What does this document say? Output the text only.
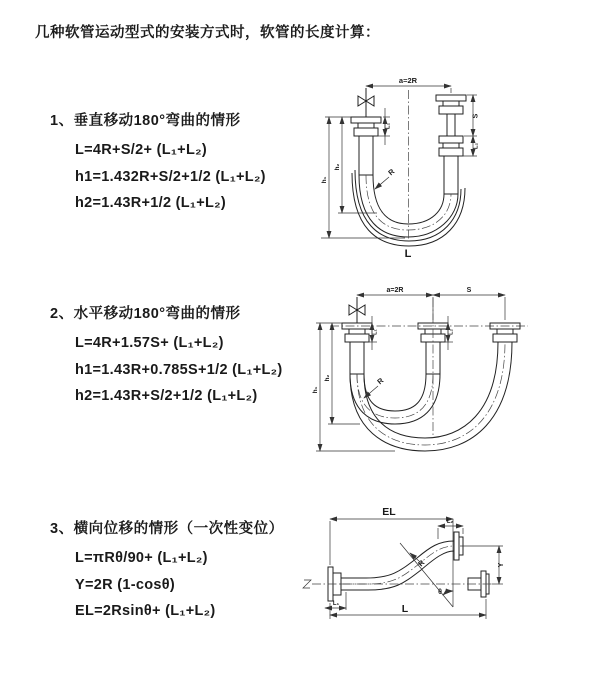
几种软管运动型式的安装方式时，软管的长度计算：
1、垂直移动180°弯曲的情形
L=4R+S/2+ (L₁+L₂)
h1=1.432R+S/2+1/2 (L₁+L₂)
h2=1.43R+1/2 (L₁+L₂)
2、水平移动180°弯曲的情形
L=4R+1.57S+ (L₁+L₂)
h1=1.43R+0.785S+1/2 (L₁+L₂)
h2=1.43R+S/2+1/2 (L₁+L₂)
3、横向位移的情形（一次性变位）
L=πRθ/90+ (L₁+L₂)
Y=2R (1-cosθ)
EL=2Rsinθ+ (L₁+L₂)
a=2R
h₁
h₂
L₁
S
L₂
R
L
a=2R	S
h₁
h₂
L₁	L₂
R
EL
L₂
θ
R	Y
L₁	L
